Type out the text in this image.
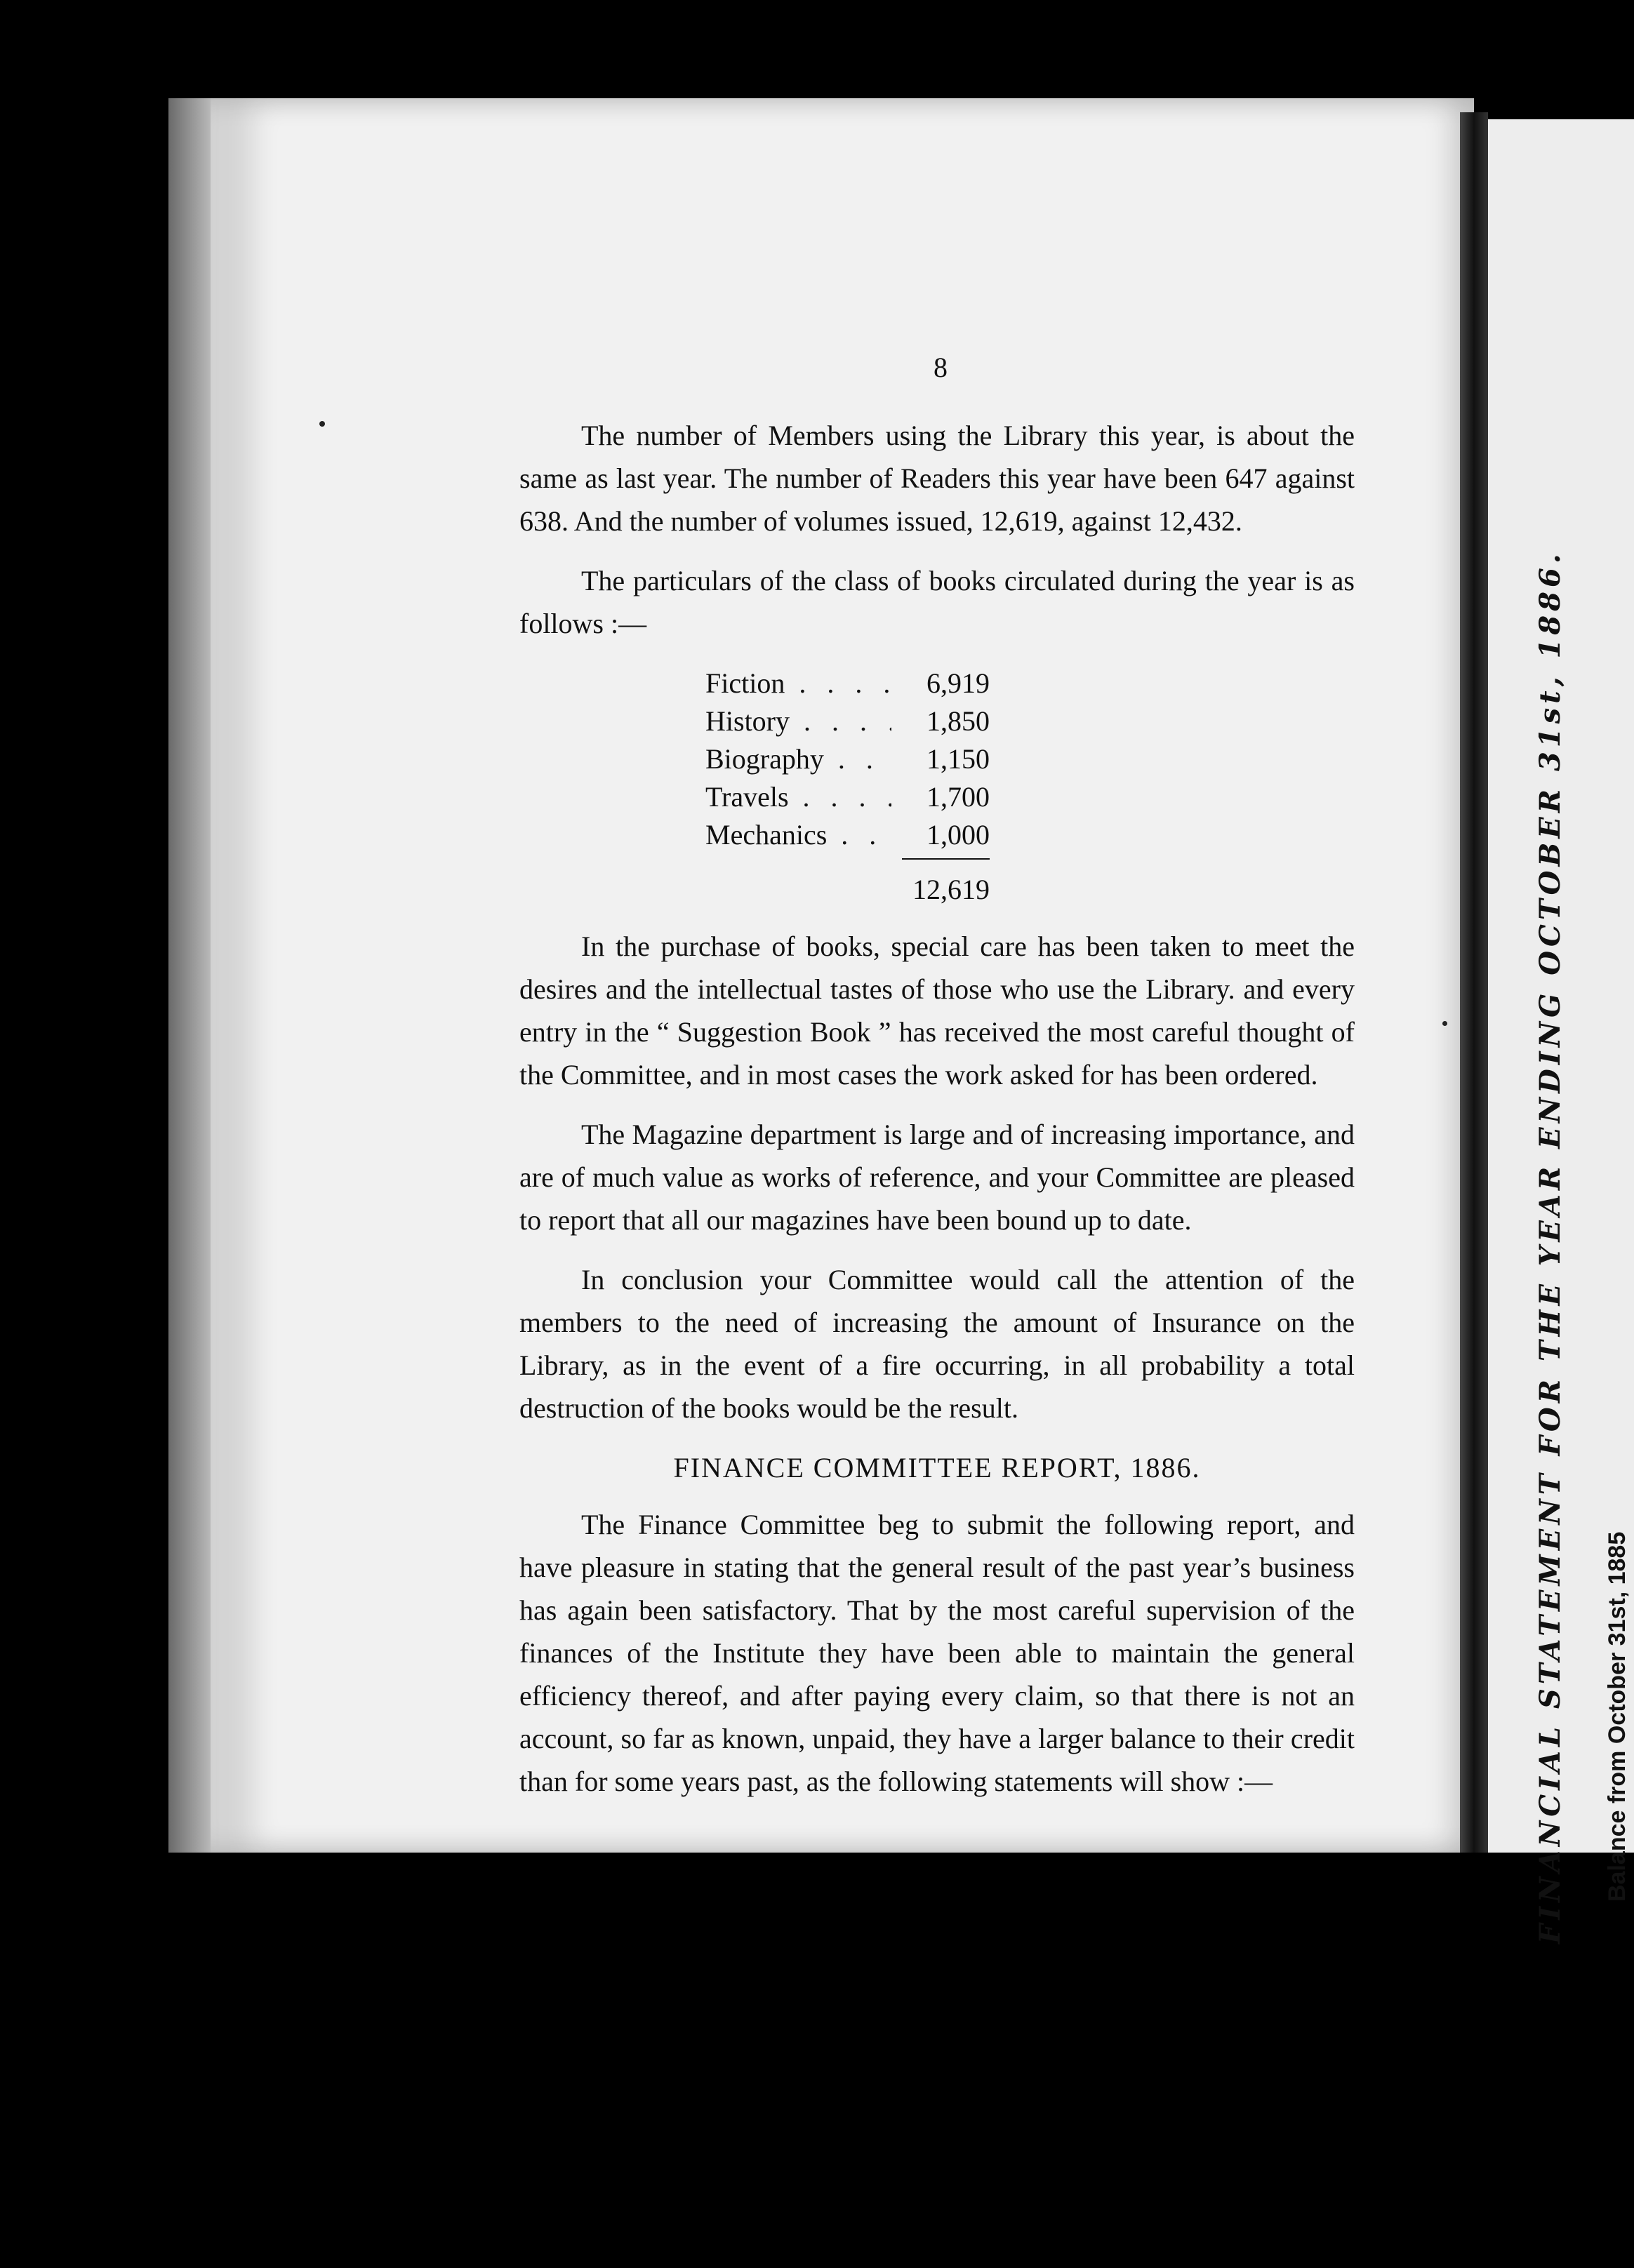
8

The number of Members using the Library this year, is about the same as last year. The number of Readers this year have been 647 against 638. And the number of volumes issued, 12,619, against 12,432.

The particulars of the class of books circulated during the year is as follows :—

Fiction . . .	6,919
History . . .	1,850
Biography . . .	1,150
Travels . . .	1,700
Mechanics . . .	1,000
12,619

In the purchase of books, special care has been taken to meet the desires and the intellectual tastes of those who use the Library. and every entry in the “ Suggestion Book ” has received the most careful thought of the Committee, and in most cases the work asked for has been ordered.

The Magazine department is large and of increasing importance, and are of much value as works of reference, and your Committee are pleased to report that all our magazines have been bound up to date.

In conclusion your Committee would call the attention of the members to the need of increasing the amount of Insurance on the Library, as in the event of a fire occurring, in all probability a total destruction of the books would be the result.

FINANCE COMMITTEE REPORT, 1886.

The Finance Committee beg to submit the following report, and have pleasure in stating that the general result of the past year’s business has again been satisfactory. That by the most careful supervision of the finances of the Institute they have been able to maintain the general efficiency thereof, and after paying every claim, so that there is not an account, so far as known, unpaid, they have a larger balance to their credit than for some years past, as the following statements will show :—	FINANCIAL STATEMENT FOR THE YEAR ENDING OCTOBER 31st, 1886. Balance from October 31st, 1885
